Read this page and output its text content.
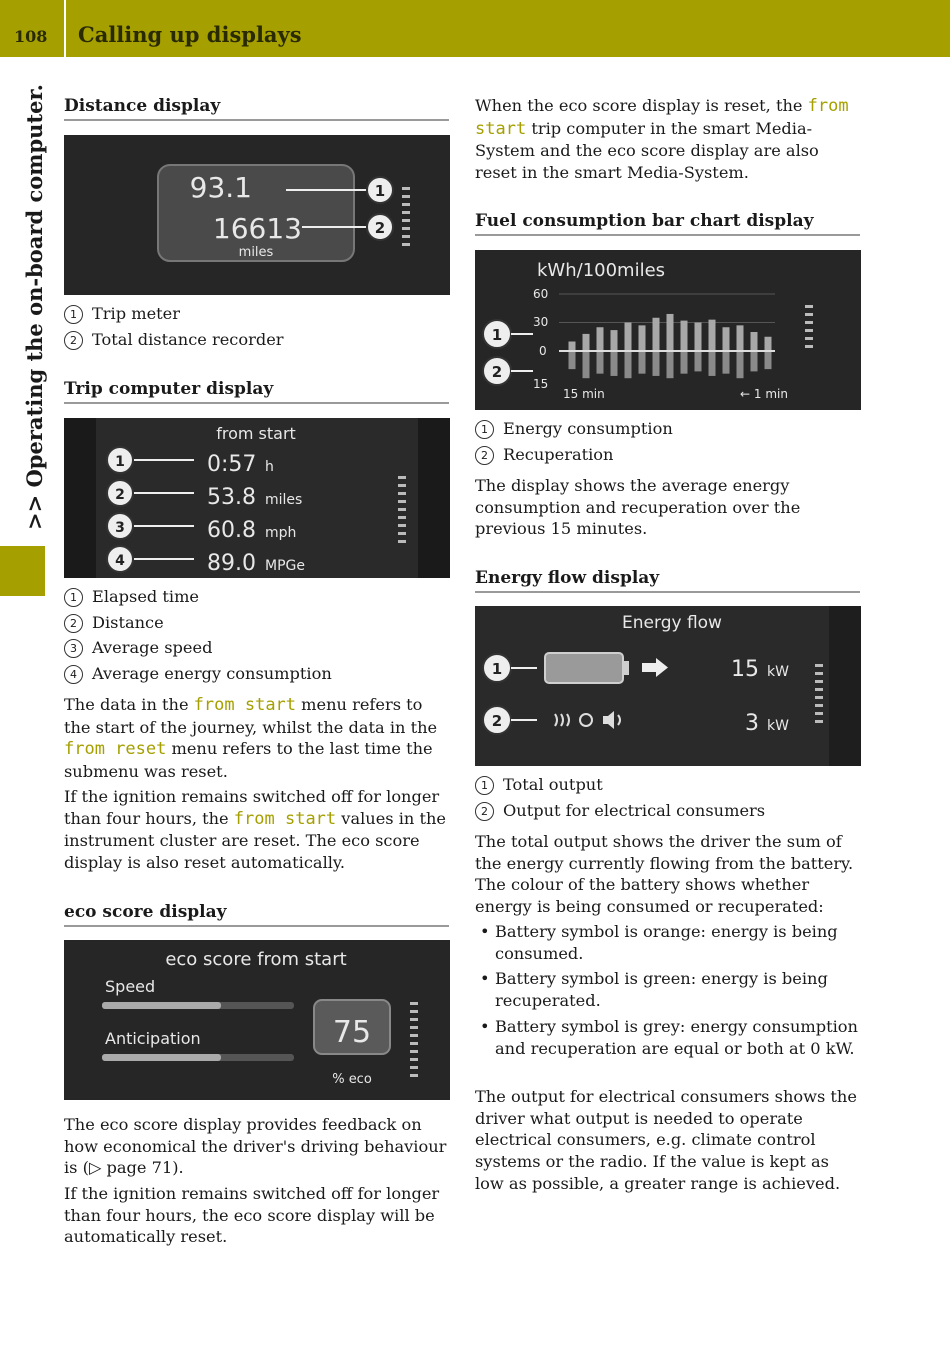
108 Calling up displays
>> Operating the on-board computer. Distance display
93.1
16613
miles
1
2
1 Trip meter
2 Total distance recorder
Trip computer display
from start
1	0:57 h
2	53.8 miles
3	60.8 mph
4	89.0 MPGe
1 Elapsed time
2 Distance
3 Average speed
4 Average energy consumption

The data in the from start menu refers to the start of the journey, whilst the data in the from reset menu refers to the last time the submenu was reset.

If the ignition remains switched off for longer than four hours, the from start values in the instrument cluster are reset. The eco score display is also reset automatically.

eco score display
eco score from start
Speed
Anticipation	75
% eco

The eco score display provides feedback on how economical the driver's driving behaviour is (▷ page 71).

If the ignition remains switched off for longer than four hours, the eco score display will be automatically reset.

When the eco score display is reset, the from start trip computer in the smart Media-System and the eco score display are also reset in the smart Media-System.

Fuel consumption bar chart display
kWh/100miles
60
30
0
15
15 min	← 1 min
1
2
1 Energy consumption
2 Recuperation

The display shows the average energy consumption and recuperation over the previous 15 minutes.

Energy flow display
Energy flow
1	15 kW
2	3 kW
1 Total output
2 Output for electrical consumers

The total output shows the driver the sum of the energy currently flowing from the battery. The colour of the battery shows whether energy is being consumed or recuperated:

• Battery symbol is orange: energy is being consumed.
• Battery symbol is green: energy is being recuperated.
• Battery symbol is grey: energy consumption and recuperation are equal or both at 0 kW.

The output for electrical consumers shows the driver what output is needed to operate electrical consumers, e.g. climate control systems or the radio. If the value is kept as low as possible, a greater range is achieved.
